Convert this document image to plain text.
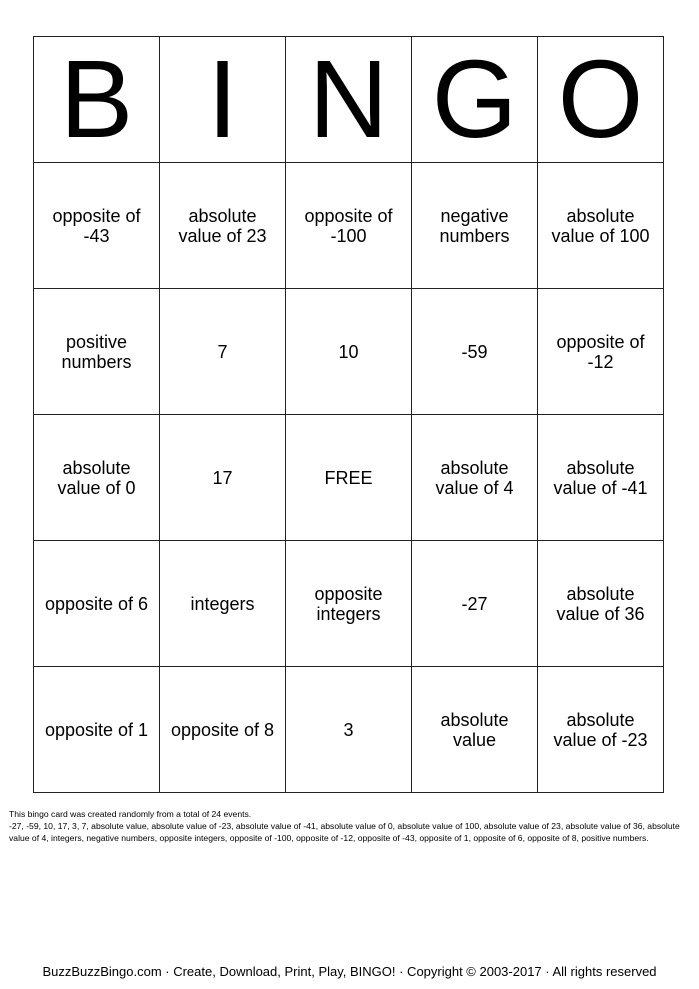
B	I	N	G	O
opposite of -43	absolute value of 23	opposite of -100	negative numbers	absolute value of 100
positive numbers	7	10	-59	opposite of -12
absolute value of 0	17	FREE	absolute value of 4	absolute value of -41
opposite of 6	integers	opposite integers	-27	absolute value of 36
opposite of 1	opposite of 8	3	absolute value	absolute value of -23
This bingo card was created randomly from a total of 24 events.
-27, -59, 10, 17, 3, 7, absolute value, absolute value of -23, absolute value of -41, absolute value of 0, absolute value of 100, absolute value of 23, absolute value of 36, absolute value of 4, integers, negative numbers, opposite integers, opposite of -100, opposite of -12, opposite of -43, opposite of 1, opposite of 6, opposite of 8, positive numbers.
BuzzBuzzBingo.com · Create, Download, Print, Play, BINGO! · Copyright © 2003-2017 · All rights reserved
